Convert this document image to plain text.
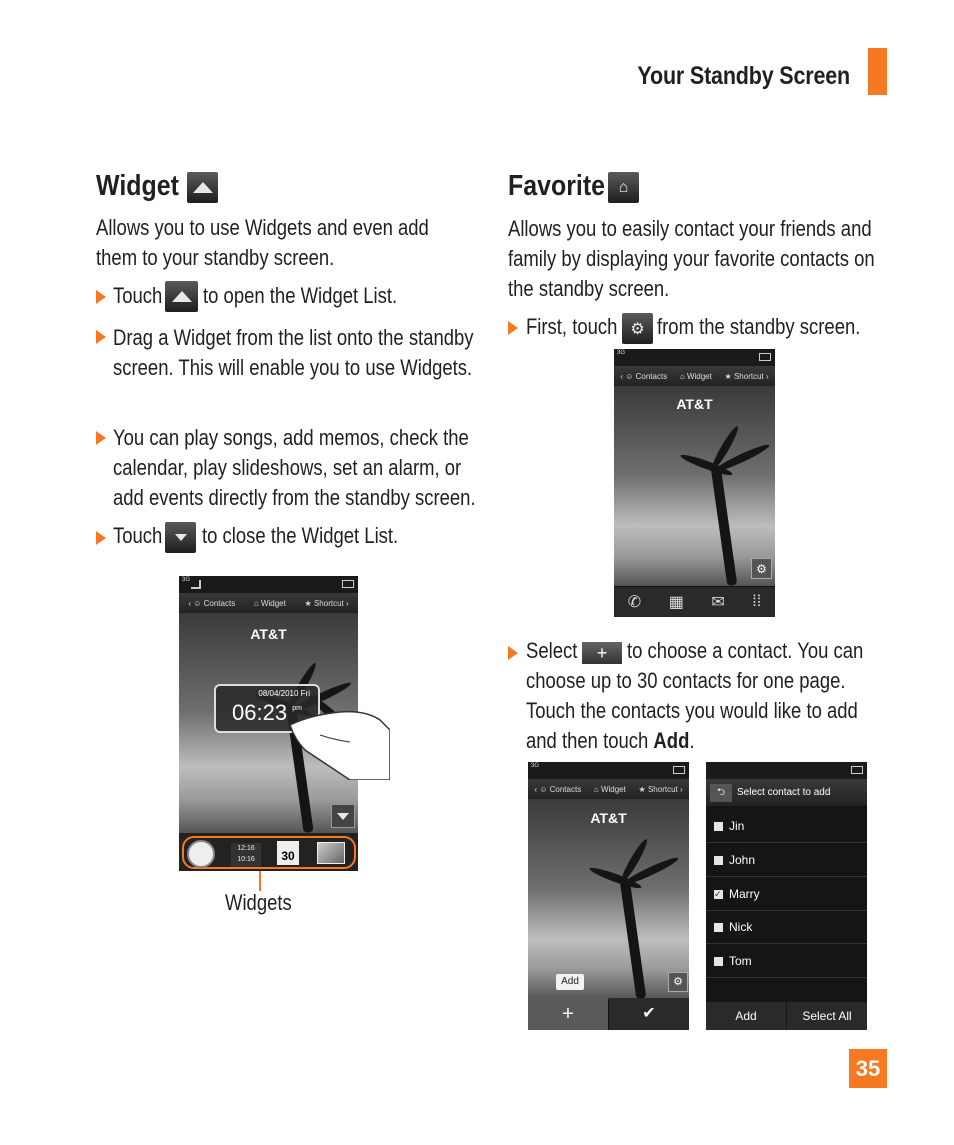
Your Standby Screen
Widget
Allows you to use Widgets and even add them to your standby screen.
Touch to open the Widget List.
Drag a Widget from the list onto the standby screen. This will enable you to use Widgets.
You can play songs, add memos, check the calendar, play slideshows, set an alarm, or add events directly from the standby screen.
Touch to close the Widget List.
3G
‹ ☺ Contacts ⌂ Widget ★ Shortcut ›
AT&T
08/04/2010 Fri
06:23 pm
12:16
10:16	30
Widgets
Favorite ⌂
Allows you to easily contact your friends and family by displaying your favorite contacts on the standby screen.
First, touch ⚙ from the standby screen.
3G
‹ ☺ Contacts ⌂ Widget ★ Shortcut ›
AT&T
⚙
✆ ▦ ✉ ⁞⁞
Select	+ to choose a contact. You can
choose up to 30 contacts for one page.
Touch the contacts you would like to add
and then touch Add.
3G
‹ ☺ Contacts ⌂ Widget ★ Shortcut ›
AT&T
Add	⚙
+	✔
⮌	Select contact to add
Jin
John
✓ Marry
Nick
Tom
Add	Select All
35
